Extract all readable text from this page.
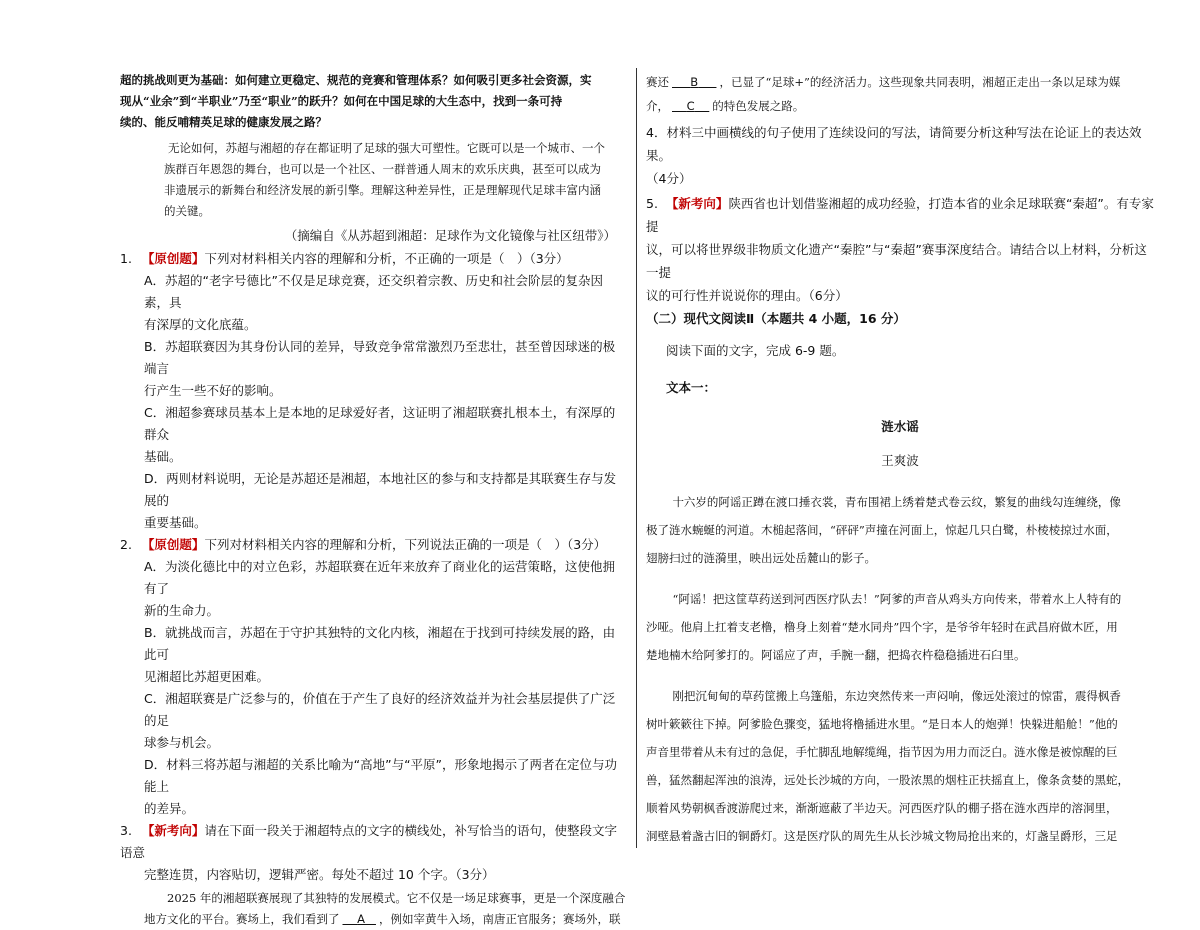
超的挑战则更为基础：如何建立更稳定、规范的竞赛和管理体系？如何吸引更多社会资源，实

现从“业余”到“半职业”乃至“职业”的跃升？如何在中国足球的大生态中，找到一条可持

续的、能反哺精英足球的健康发展之路？

无论如何，苏超与湘超的存在都证明了足球的强大可塑性。它既可以是一个城市、一个

族群百年恩怨的舞台，也可以是一个社区、一群普通人周末的欢乐庆典，甚至可以成为

非遗展示的新舞台和经济发展的新引擎。理解这种差异性，正是理解现代足球丰富内涵

的关键。

（摘编自《从苏超到湘超：足球作为文化镜像与社区纽带》）

1. 【原创题】下列对材料相关内容的理解和分析，不正确的一项是（　）（3分）

A．苏超的“老字号德比”不仅是足球竞赛，还交织着宗教、历史和社会阶层的复杂因素，具

有深厚的文化底蕴。

B．苏超联赛因为其身份认同的差异，导致竞争常常激烈乃至悲壮，甚至曾因球迷的极端言

行产生一些不好的影响。

C．湘超参赛球员基本上是本地的足球爱好者，这证明了湘超联赛扎根本土，有深厚的群众

基础。

D．两则材料说明，无论是苏超还是湘超，本地社区的参与和支持都是其联赛生存与发展的

重要基础。

2. 【原创题】下列对材料相关内容的理解和分析，下列说法正确的一项是（　）（3分）

A．为淡化德比中的对立色彩，苏超联赛在近年来放弃了商业化的运营策略，这使他拥有了

新的生命力。

B．就挑战而言，苏超在于守护其独特的文化内核，湘超在于找到可持续发展的路，由此可

见湘超比苏超更困难。

C．湘超联赛是广泛参与的，价值在于产生了良好的经济效益并为社会基层提供了广泛的足

球参与机会。

D．材料三将苏超与湘超的关系比喻为“高地”与“平原”，形象地揭示了两者在定位与功能上

的差异。

3. 【新考向】请在下面一段关于湘超特点的文字的横线处，补写恰当的语句，使整段文字语意

完整连贯，内容贴切，逻辑严密。每处不超过 10 个字。（3分）

2025 年的湘超联赛展现了其独特的发展模式。它不仅是一场足球赛事，更是一个深度融合

地方文化的平台。赛场上，我们看到了 A ，例如宰黄牛入场，南唐正官服务；赛场外，联

赛还 B ，已显了“足球+”的经济活力。这些现象共同表明，湘超正走出一条以足球为媒

介， C 的特色发展之路。

4．材料三中画横线的句子使用了连续设问的写法，请简要分析这种写法在论证上的表达效果。

（4分）

5. 【新考向】陕西省也计划借鉴湘超的成功经验，打造本省的业余足球联赛“秦超”。有专家提

议，可以将世界级非物质文化遗产“秦腔”与“秦超”赛事深度结合。请结合以上材料，分析这一提

议的可行性并说说你的理由。（6分）

（二）现代文阅读Ⅱ（本题共 4 小题，16 分）

阅读下面的文字，完成 6-9 题。

文本一：

涟水谣

王爽波

十六岁的阿谣正蹲在渡口捶衣裳，青布围裙上绣着楚式卷云纹，繁复的曲线勾连缠绕，像

极了涟水蜿蜒的河道。木槌起落间，“砰砰”声撞在河面上，惊起几只白鹭，朴棱棱掠过水面，

翅膀扫过的涟漪里，映出远处岳麓山的影子。

“阿谣！把这筐草药送到河西医疗队去！”阿爹的声音从鸡头方向传来，带着水上人特有的

沙哑。他肩上扛着支老橹，橹身上刻着“楚水同舟”四个字，是爷爷年轻时在武昌府做木匠，用

楚地楠木给阿爹打的。阿谣应了声，手腕一翻，把捣衣杵稳稳插进石臼里。

刚把沉甸甸的草药筐搬上乌篷船，东边突然传来一声闷响，像远处滚过的惊雷，震得枫香

树叶簌簌往下掉。阿爹脸色骤变，猛地将橹插进水里。“是日本人的炮弹！快躲进船舱！”他的

声音里带着从未有过的急促，手忙脚乱地解缆绳，指节因为用力而泛白。涟水像是被惊醒的巨

兽，猛然翻起浑浊的浪涛，远处长沙城的方向，一股浓黑的烟柱正扶摇直上，像条贪婪的黑蛇，

顺着风势朝枫香渡游爬过来，渐渐遮蔽了半边天。河西医疗队的棚子搭在涟水西岸的溶洞里，

洞壁悬着盏古旧的铜爵灯。这是医疗队的周先生从长沙城文物局抢出来的，灯盏呈爵形，三足
